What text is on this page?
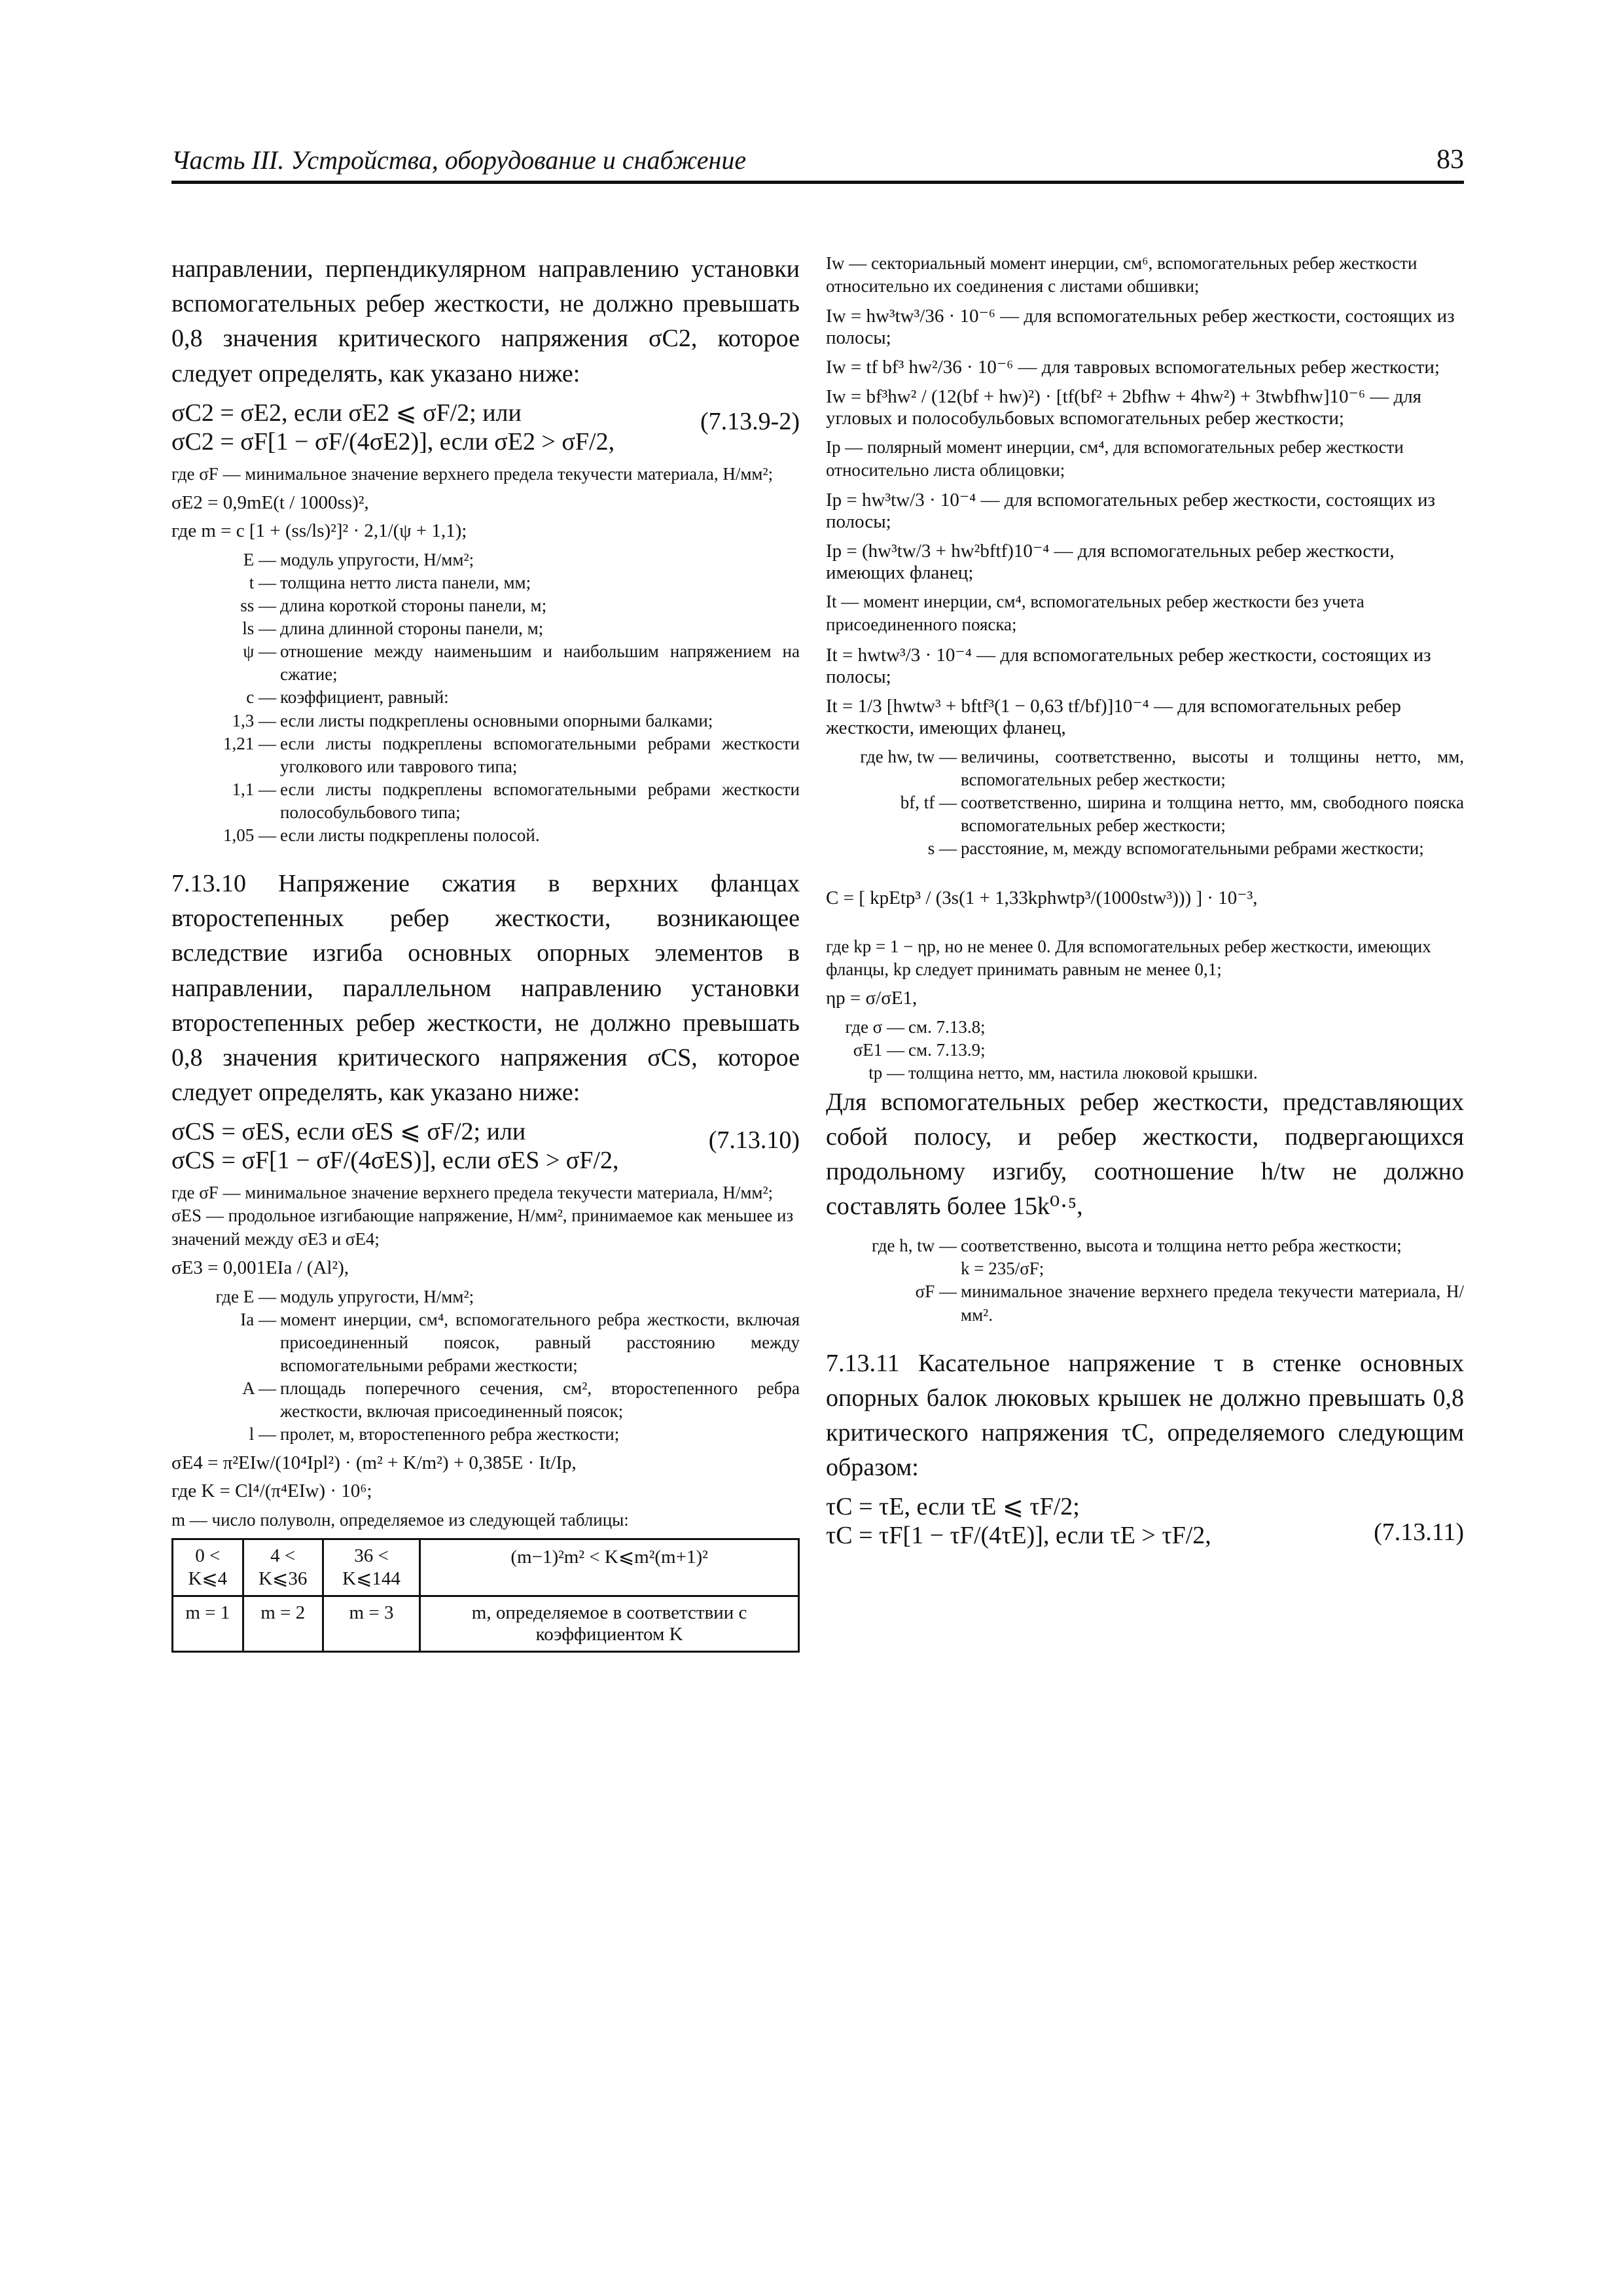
Часть III. Устройства, оборудование и снабжение	83

направлении, перпендикулярном направлению установки вспомогательных ребер жесткости, не должно превышать 0,8 значения критического напряжения σC2, которое следует определять, как указано ниже:

σC2 = σE2, если σE2 ⩽ σF/2; или	(7.13.9-2)
σC2 = σF[1 − σF/(4σE2)], если σE2 > σF/2,

где σF — минимальное значение верхнего предела текучести материала, Н/мм²;

σE2 = 0,9mE(t / 1000ss)²,
где m = c [1 + (ss/ls)²]² · 2,1/(ψ + 1,1);
E — модуль упругости, Н/мм²;
t — толщина нетто листа панели, мм;
ss — длина короткой стороны панели, м;
ls — длина длинной стороны панели, м;
ψ — отношение между наименьшим и наибольшим напряжением на сжатие;
c — коэффициент, равный:
1,3 — если листы подкреплены основными опорными балками;
1,21 — если листы подкреплены вспомогательными ребрами жесткости уголкового или таврового типа;
1,1 — если листы подкреплены вспомогательными ребрами жесткости полособульбового типа;
1,05 — если листы подкреплены полосой.

7.13.10 Напряжение сжатия в верхних фланцах второстепенных ребер жесткости, возникающее вследствие изгиба основных опорных элементов в направлении, параллельном направлению установки второстепенных ребер жесткости, не должно превышать 0,8 значения критического напряжения σCS, которое следует определять, как указано ниже:

σCS = σES, если σES ⩽ σF/2; или	(7.13.10)
σCS = σF[1 − σF/(4σES)], если σES > σF/2,

где σF — минимальное значение верхнего предела текучести материала, Н/мм²;

σES — продольное изгибающие напряжение, Н/мм², принимаемое как меньшее из значений между σE3 и σE4;

σE3 = 0,001EIa / (Al²),
где E — модуль упругости, Н/мм²;
Ia — момент инерции, см⁴, вспомогательного ребра жесткости, включая присоединенный поясок, равный расстоянию между вспомогательными ребрами жесткости;
A — площадь поперечного сечения, см², второстепенного ребра жесткости, включая присоединенный поясок;
l — пролет, м, второстепенного ребра жесткости;
σE4 = π²EIw/(10⁴Ipl²) · (m² + K/m²) + 0,385E · It/Ip,
где K = Cl⁴/(π⁴EIw) · 10⁶;

m — число полуволн, определяемое из следующей таблицы:

0 < K⩽4	4 < K⩽36	36 < K⩽144	(m−1)²m² < K⩽m²(m+1)²
m = 1	m = 2	m = 3	m, определяемое в соответствии с коэффициентом K

Iw — секториальный момент инерции, см⁶, вспомогательных ребер жесткости относительно их соединения с листами обшивки;

Iw = hw³tw³/36 · 10⁻⁶ — для вспомогательных ребер жесткости, состоящих из полосы;
Iw = tf bf³ hw²/36 · 10⁻⁶ — для тавровых вспомогательных ребер жесткости;
Iw = bf³hw² / (12(bf + hw)²) · [tf(bf² + 2bfhw + 4hw²) + 3twbfhw]10⁻⁶ — для угловых и полособульбовых вспомогательных ребер жесткости;

Ip — полярный момент инерции, см⁴, для вспомогательных ребер жесткости относительно листа облицовки;

Ip = hw³tw/3 · 10⁻⁴ — для вспомогательных ребер жесткости, состоящих из полосы;
Ip = (hw³tw/3 + hw²bftf)10⁻⁴ — для вспомогательных ребер жесткости, имеющих фланец;

It — момент инерции, см⁴, вспомогательных ребер жесткости без учета присоединенного пояска;

It = hwtw³/3 · 10⁻⁴ — для вспомогательных ребер жесткости, состоящих из полосы;
It = 1/3 [hwtw³ + bftf³(1 − 0,63 tf/bf)]10⁻⁴ — для вспомогательных ребер жесткости, имеющих фланец,
где hw, tw — величины, соответственно, высоты и толщины нетто, мм, вспомогательных ребер жесткости;
bf, tf — соответственно, ширина и толщина нетто, мм, свободного пояска вспомогательных ребер жесткости;
s — расстояние, м, между вспомогательными ребрами жесткости;
C = [ kpEtp³ / (3s(1 + 1,33kphwtp³/(1000stw³))) ] · 10⁻³,

где kp = 1 − ηp, но не менее 0. Для вспомогательных ребер жесткости, имеющих фланцы, kp следует принимать равным не менее 0,1;

ηp = σ/σE1,
где σ — см. 7.13.8;
σE1 — см. 7.13.9;
tp — толщина нетто, мм, настила люковой крышки.

Для вспомогательных ребер жесткости, представляющих собой полосу, и ребер жесткости, подвергающихся продольному изгибу, соотношение h/tw не должно составлять более 15k⁰·⁵,

где h, tw — соответственно, высота и толщина нетто ребра жесткости;
k = 235/σF;
σF — минимальное значение верхнего предела текучести материала, Н/мм².

7.13.11 Касательное напряжение τ в стенке основных опорных балок люковых крышек не должно превышать 0,8 критического напряжения τC, определяемого следующим образом:

τC = τE, если τE ⩽ τF/2;
(7.13.11)
τC = τF[1 − τF/(4τE)], если τE > τF/2,
